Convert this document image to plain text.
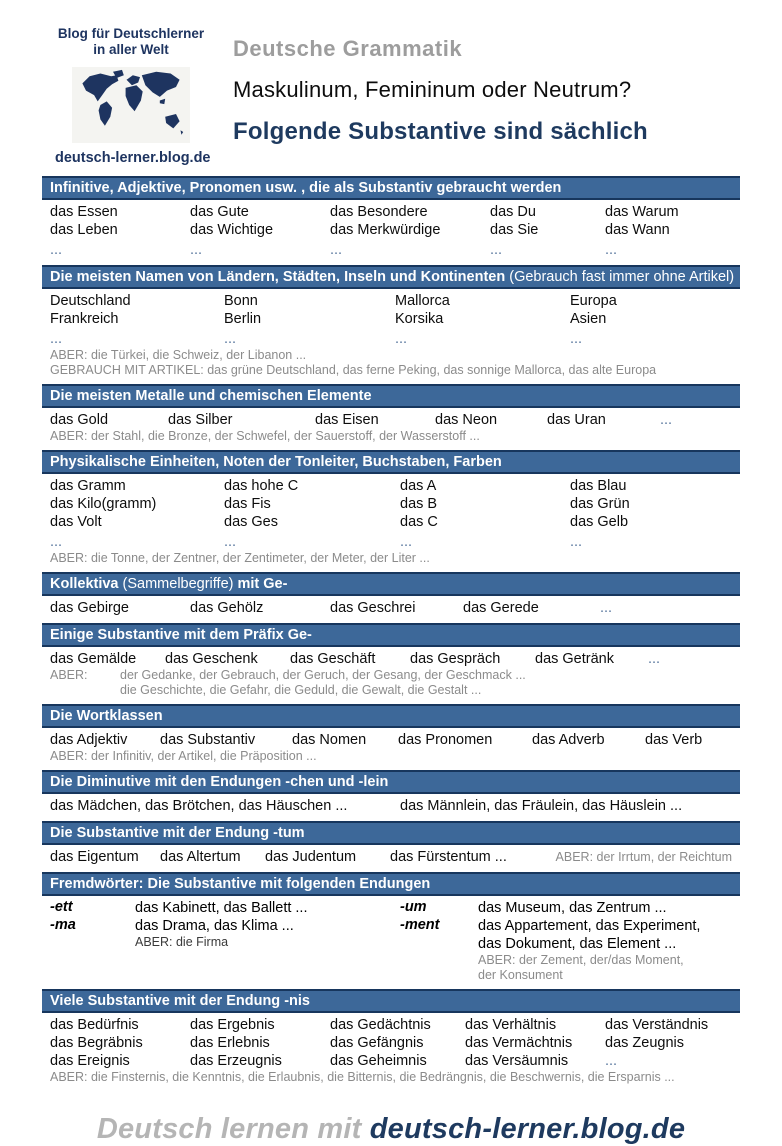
Blog für Deutschlerner
in aller Welt
deutsch-lerner.blog.de
Deutsche Grammatik
Maskulinum, Femininum oder Neutrum?
Folgende Substantive sind sächlich
Infinitive, Adjektive, Pronomen usw. , die als Substantiv gebraucht werden
das Essen	das Gute	das Besondere	das Du	das Warum
das Leben	das Wichtige	das Merkwürdige	das Sie	das Wann
...	...	...	...	...
Die meisten Namen von Ländern, Städten, Inseln und Kontinenten (Gebrauch fast immer ohne Artikel)
Deutschland	Bonn	Mallorca	Europa
Frankreich	Berlin	Korsika	Asien
...	...	...	...
ABER: die Türkei, die Schweiz, der Libanon ...
GEBRAUCH MIT ARTIKEL: das grüne Deutschland, das ferne Peking, das sonnige Mallorca, das alte Europa
Die meisten Metalle und chemischen Elemente
das Gold	das Silber	das Eisen	das Neon	das Uran	...
ABER: der Stahl, die Bronze, der Schwefel, der Sauerstoff, der Wasserstoff ...
Physikalische Einheiten, Noten der Tonleiter, Buchstaben, Farben
das Gramm	das hohe C	das A	das Blau
das Kilo(gramm)	das Fis	das B	das Grün
das Volt	das Ges	das C	das Gelb
...	...	...	...
ABER: die Tonne, der Zentner, der Zentimeter, der Meter, der Liter ...
Kollektiva (Sammelbegriffe) mit Ge-
das Gebirge	das Gehölz	das Geschrei	das Gerede	...
Einige Substantive mit dem Präfix Ge-
das Gemälde	das Geschenk	das Geschäft	das Gespräch	das Getränk	...
ABER:	der Gedanke, der Gebrauch, der Geruch, der Gesang, der Geschmack ...
die Geschichte, die Gefahr, die Geduld, die Gewalt, die Gestalt ...
Die Wortklassen
das Adjektiv	das Substantiv	das Nomen	das Pronomen	das Adverb	das Verb
ABER: der Infinitiv, der Artikel, die Präposition ...
Die Diminutive mit den Endungen -chen und -lein
das Mädchen, das Brötchen, das Häuschen ...	das Männlein, das Fräulein, das Häuslein ...
Die Substantive mit der Endung -tum
das Eigentum	das Altertum	das Judentum	das Fürstentum ...	ABER: der Irrtum, der Reichtum
Fremdwörter: Die Substantive mit folgenden Endungen
-ett	das Kabinett, das Ballett ...
-ma	das Drama, das Klima ...
ABER: die Firma
-um	das Museum, das Zentrum ...
-ment	das Appartement, das Experiment,
das Dokument, das Element ...
ABER: der Zement, der/das Moment,
der Konsument
Viele Substantive mit der Endung -nis
das Bedürfnis	das Ergebnis	das Gedächtnis	das Verhältnis	das Verständnis
das Begräbnis	das Erlebnis	das Gefängnis	das Vermächtnis	das Zeugnis
das Ereignis	das Erzeugnis	das Geheimnis	das Versäumnis	...
ABER: die Finsternis, die Kenntnis, die Erlaubnis, die Bitternis, die Bedrängnis, die Beschwernis, die Ersparnis ...
Deutsch lernen mit deutsch-lerner.blog.de
